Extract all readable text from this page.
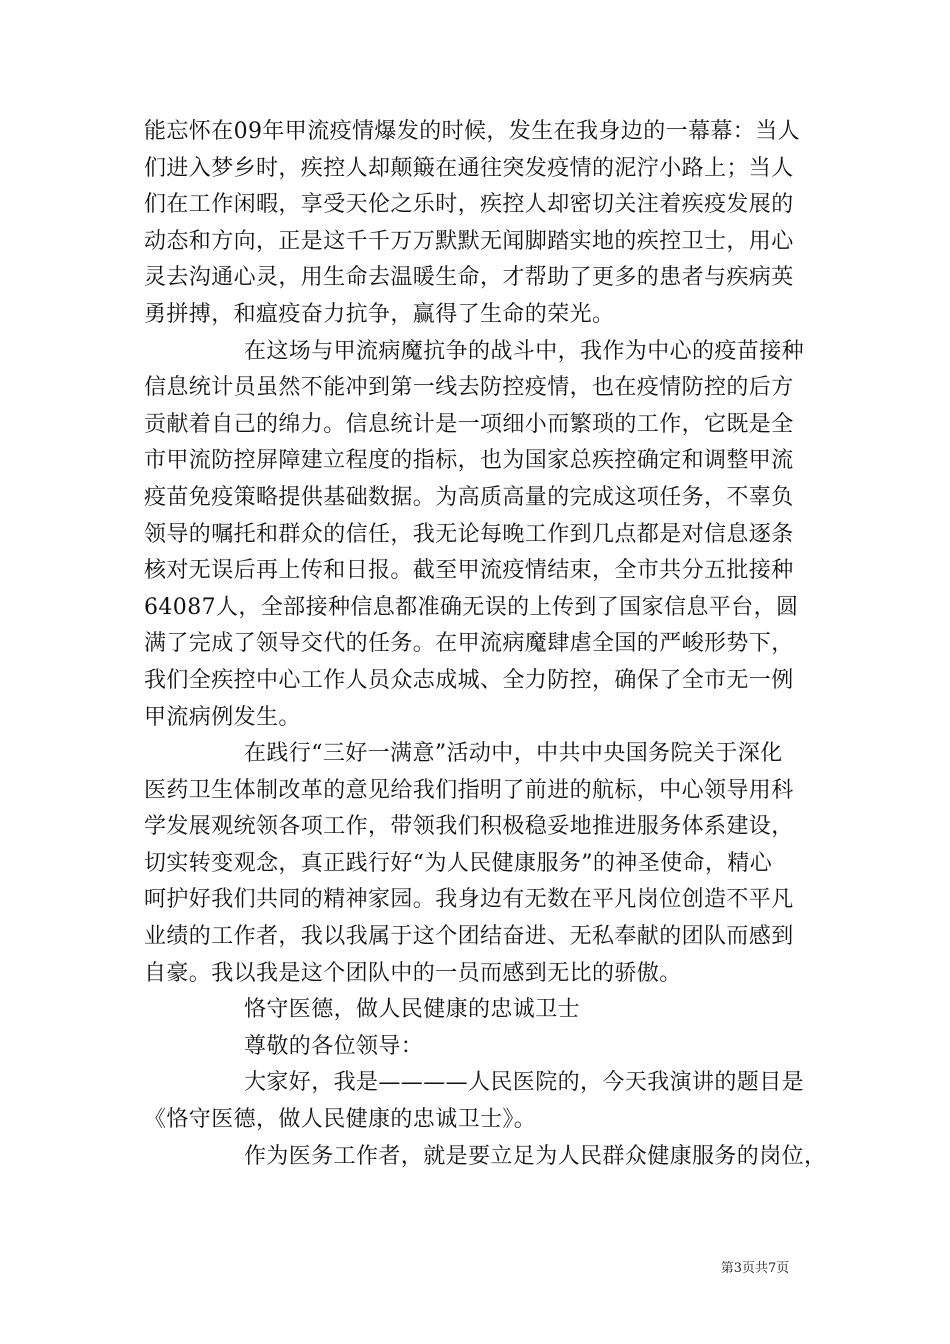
能忘怀在09年甲流疫情爆发的时候，发生在我身边的一幕幕：当人
们进入梦乡时，疾控人却颠簸在通往突发疫情的泥泞小路上；当人
们在工作闲暇，享受天伦之乐时，疾控人却密切关注着疾疫发展的
动态和方向，正是这千千万万默默无闻脚踏实地的疾控卫士，用心
灵去沟通心灵，用生命去温暖生命，才帮助了更多的患者与疾病英
勇拼搏，和瘟疫奋力抗争，赢得了生命的荣光。
在这场与甲流病魔抗争的战斗中，我作为中心的疫苗接种
信息统计员虽然不能冲到第一线去防控疫情，也在疫情防控的后方
贡献着自己的绵力。信息统计是一项细小而繁琐的工作，它既是全
市甲流防控屏障建立程度的指标，也为国家总疾控确定和调整甲流
疫苗免疫策略提供基础数据。为高质高量的完成这项任务，不辜负
领导的嘱托和群众的信任，我无论每晚工作到几点都是对信息逐条
核对无误后再上传和日报。截至甲流疫情结束，全市共分五批接种
64087人，全部接种信息都准确无误的上传到了国家信息平台，圆
满了完成了领导交代的任务。在甲流病魔肆虐全国的严峻形势下，
我们全疾控中心工作人员众志成城、全力防控，确保了全市无一例
甲流病例发生。
在践行“三好一满意”活动中，中共中央国务院关于深化
医药卫生体制改革的意见给我们指明了前进的航标，中心领导用科
学发展观统领各项工作，带领我们积极稳妥地推进服务体系建设，
切实转变观念，真正践行好“为人民健康服务”的神圣使命，精心
呵护好我们共同的精神家园。我身边有无数在平凡岗位创造不平凡
业绩的工作者，我以我属于这个团结奋进、无私奉献的团队而感到
自豪。我以我是这个团队中的一员而感到无比的骄傲。
恪守医德，做人民健康的忠诚卫士
尊敬的各位领导：
大家好，我是————人民医院的，今天我演讲的题目是
《恪守医德，做人民健康的忠诚卫士》。
作为医务工作者，就是要立足为人民群众健康服务的岗位，
第3页共7页
